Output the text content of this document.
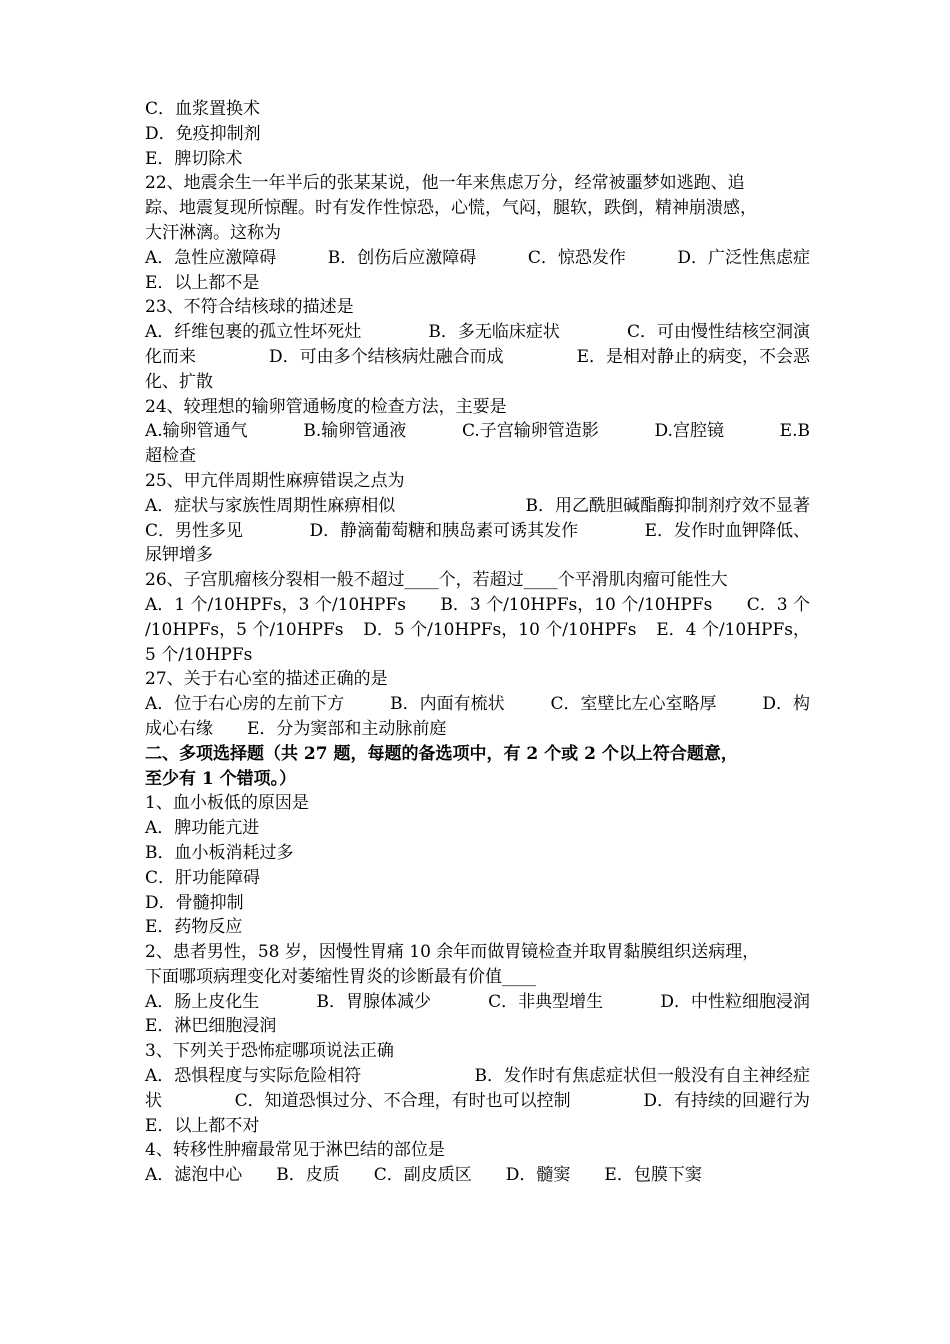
C．血浆置换术
D．免疫抑制剂
E．脾切除术
22、地震余生一年半后的张某某说，他一年来焦虑万分，经常被噩梦如逃跑、追
踪、地震复现所惊醒。时有发作性惊恐，心慌，气闷，腿软，跌倒，精神崩溃感，
大汗淋漓。这称为
A．急性应激障碍	B．创伤后应激障碍	C．惊恐发作	D．广泛性焦虑症
E．以上都不是
23、不符合结核球的描述是
A．纤维包裹的孤立性坏死灶	B．多无临床症状	C．可由慢性结核空洞演
化而来	D．可由多个结核病灶融合而成	E．是相对静止的病变，不会恶
化、扩散
24、较理想的输卵管通畅度的检查方法，主要是
A.输卵管通气	B.输卵管通液	C.子宫输卵管造影	D.宫腔镜	E.B
超检查
25、甲亢伴周期性麻痹错误之点为
A．症状与家族性周期性麻痹相似	B．用乙酰胆碱酯酶抑制剂疗效不显著
C．男性多见	D．静滴葡萄糖和胰岛素可诱其发作	E．发作时血钾降低、
尿钾增多
26、子宫肌瘤核分裂相一般不超过____个，若超过____个平滑肌肉瘤可能性大
A．1 个/10HPFs，3 个/10HPFs B．3 个/10HPFs，10 个/10HPFs C．3 个
/10HPFs，5 个/10HPFs D．5 个/10HPFs，10 个/10HPFs E．4 个/10HPFs，
5 个/10HPFs
27、关于右心室的描述正确的是
A．位于右心房的左前下方	B．内面有梳状	C．室壁比左心室略厚	D．构
成心右缘　　E．分为窦部和主动脉前庭
二、多项选择题（共 27 题，每题的备选项中，有 2 个或 2 个以上符合题意，
至少有 1 个错项。）
1、血小板低的原因是
A．脾功能亢进
B．血小板消耗过多
C．肝功能障碍
D．骨髓抑制
E．药物反应
2、患者男性，58 岁，因慢性胃痛 10 余年而做胃镜检查并取胃黏膜组织送病理，
下面哪项病理变化对萎缩性胃炎的诊断最有价值____
A．肠上皮化生	B．胃腺体减少	C．非典型增生	D．中性粒细胞浸润
E．淋巴细胞浸润
3、下列关于恐怖症哪项说法正确
A．恐惧程度与实际危险相符	B．发作时有焦虑症状但一般没有自主神经症
状	C．知道恐惧过分、不合理，有时也可以控制	D．有持续的回避行为
E．以上都不对
4、转移性肿瘤最常见于淋巴结的部位是
A．滤泡中心　　B．皮质　　C．副皮质区　　D．髓窦　　E．包膜下窦
